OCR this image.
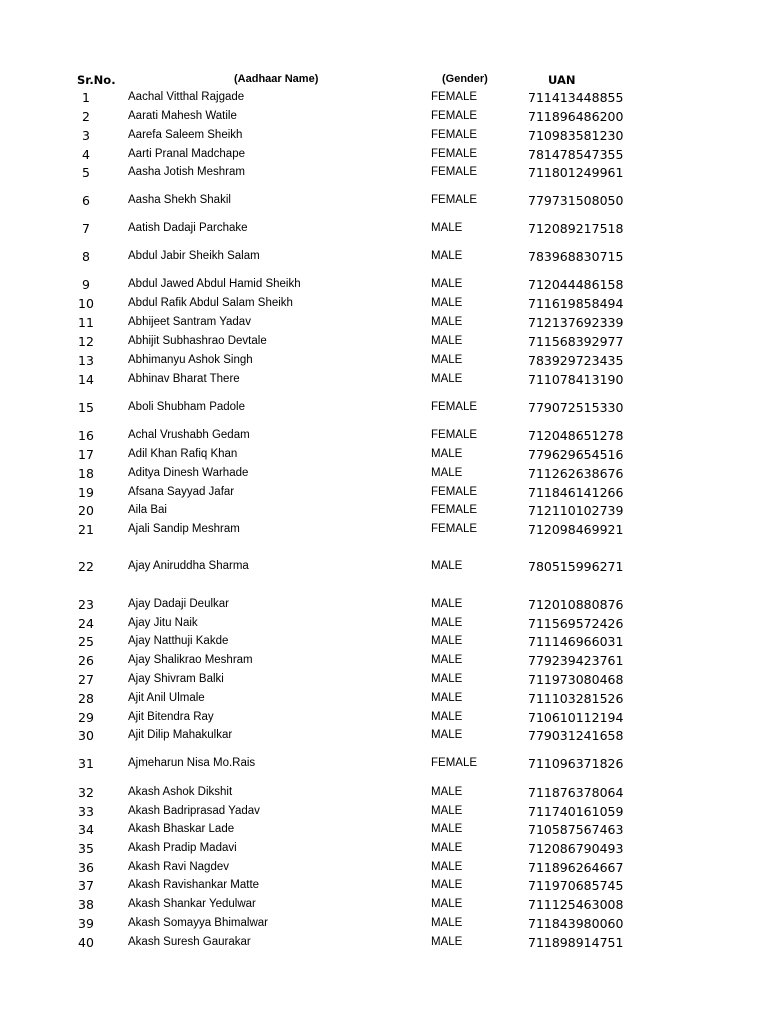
Sr.No.	(Aadhaar Name)	(Gender)	UAN
1	Aachal Vitthal Rajgade	FEMALE	711413448855
2	Aarati Mahesh Watile	FEMALE	711896486200
3	Aarefa Saleem Sheikh	FEMALE	710983581230
4	Aarti Pranal Madchape	FEMALE	781478547355
5	Aasha Jotish Meshram	FEMALE	711801249961
6	Aasha Shekh Shakil	FEMALE	779731508050
7	Aatish Dadaji Parchake	MALE	712089217518
8	Abdul Jabir Sheikh Salam	MALE	783968830715
9	Abdul Jawed Abdul Hamid Sheikh	MALE	712044486158
10	Abdul Rafik Abdul Salam Sheikh	MALE	711619858494
11	Abhijeet Santram Yadav	MALE	712137692339
12	Abhijit Subhashrao Devtale	MALE	711568392977
13	Abhimanyu Ashok Singh	MALE	783929723435
14	Abhinav Bharat There	MALE	711078413190
15	Aboli Shubham Padole	FEMALE	779072515330
16	Achal Vrushabh Gedam	FEMALE	712048651278
17	Adil Khan Rafiq Khan	MALE	779629654516
18	Aditya Dinesh Warhade	MALE	711262638676
19	Afsana Sayyad Jafar	FEMALE	711846141266
20	Aila Bai	FEMALE	712110102739
21	Ajali Sandip Meshram	FEMALE	712098469921
22	Ajay Aniruddha Sharma	MALE	780515996271
23	Ajay Dadaji Deulkar	MALE	712010880876
24	Ajay Jitu Naik	MALE	711569572426
25	Ajay Natthuji Kakde	MALE	711146966031
26	Ajay Shalikrao Meshram	MALE	779239423761
27	Ajay Shivram Balki	MALE	711973080468
28	Ajit Anil Ulmale	MALE	711103281526
29	Ajit Bitendra Ray	MALE	710610112194
30	Ajit Dilip Mahakulkar	MALE	779031241658
31	Ajmeharun Nisa Mo.Rais	FEMALE	711096371826
32	Akash Ashok Dikshit	MALE	711876378064
33	Akash Badriprasad Yadav	MALE	711740161059
34	Akash Bhaskar Lade	MALE	710587567463
35	Akash Pradip Madavi	MALE	712086790493
36	Akash Ravi Nagdev	MALE	711896264667
37	Akash Ravishankar Matte	MALE	711970685745
38	Akash Shankar Yedulwar	MALE	711125463008
39	Akash Somayya Bhimalwar	MALE	711843980060
40	Akash Suresh Gaurakar	MALE	711898914751
